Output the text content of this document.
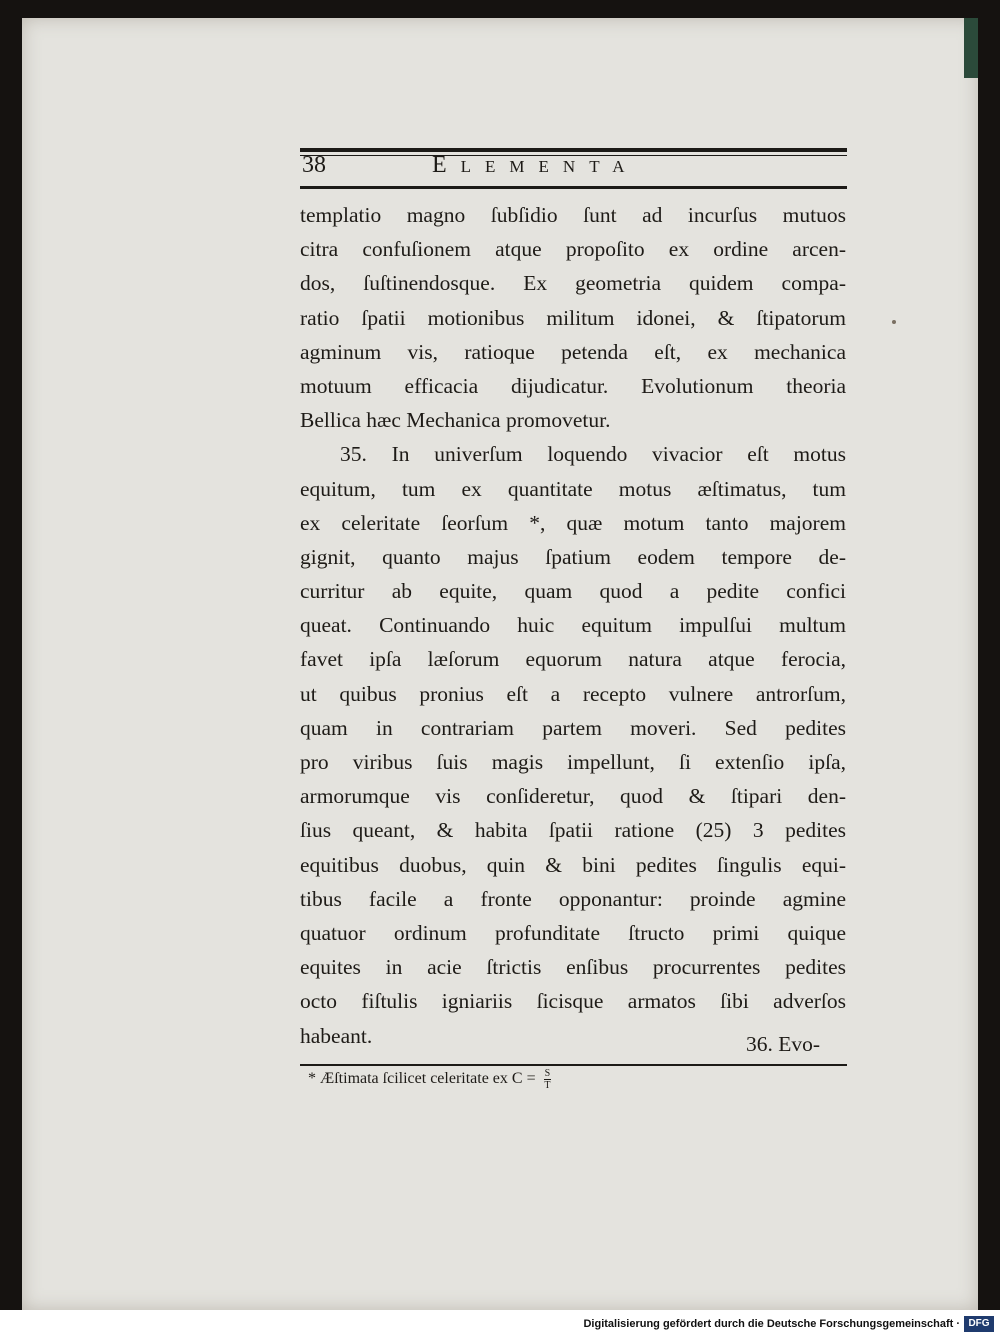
38	Elementa
templatio magno ſubſidio ſunt ad incurſus mutuos
citra confuſionem atque propoſito ex ordine arcen-
dos, ſuſtinendosque. Ex geometria quidem compa-
ratio ſpatii motionibus militum idonei, & ſtipatorum
agminum vis, ratioque petenda eſt, ex mechanica
motuum efficacia dijudicatur. Evolutionum theoria
Bellica hæc Mechanica promovetur.
35. In univerſum loquendo vivacior eſt motus
equitum, tum ex quantitate motus æſtimatus, tum
ex celeritate ſeorſum *, quæ motum tanto majorem
gignit, quanto majus ſpatium eodem tempore de-
curritur ab equite, quam quod a pedite confici
queat. Continuando huic equitum impulſui multum
favet ipſa læſorum equorum natura atque ferocia,
ut quibus pronius eſt a recepto vulnere antrorſum,
quam in contrariam partem moveri. Sed pedites
pro viribus ſuis magis impellunt, ſi extenſio ipſa,
armorumque vis conſideretur, quod & ſtipari den-
ſius queant, & habita ſpatii ratione (25) 3 pedites
equitibus duobus, quin & bini pedites ſingulis equi-
tibus facile a fronte opponantur: proinde agmine
quatuor ordinum profunditate ſtructo primi quique
equites in acie ſtrictis enſibus procurrentes pedites
octo fiſtulis igniariis ſicisque armatos ſibi adverſos
habeant.	36. Evo-
* Æſtimata ſcilicet celeritate ex $C = \frac{S}{T}$
Digitalisierung gefördert durch die Deutsche Forschungsgemeinschaft · DFG
